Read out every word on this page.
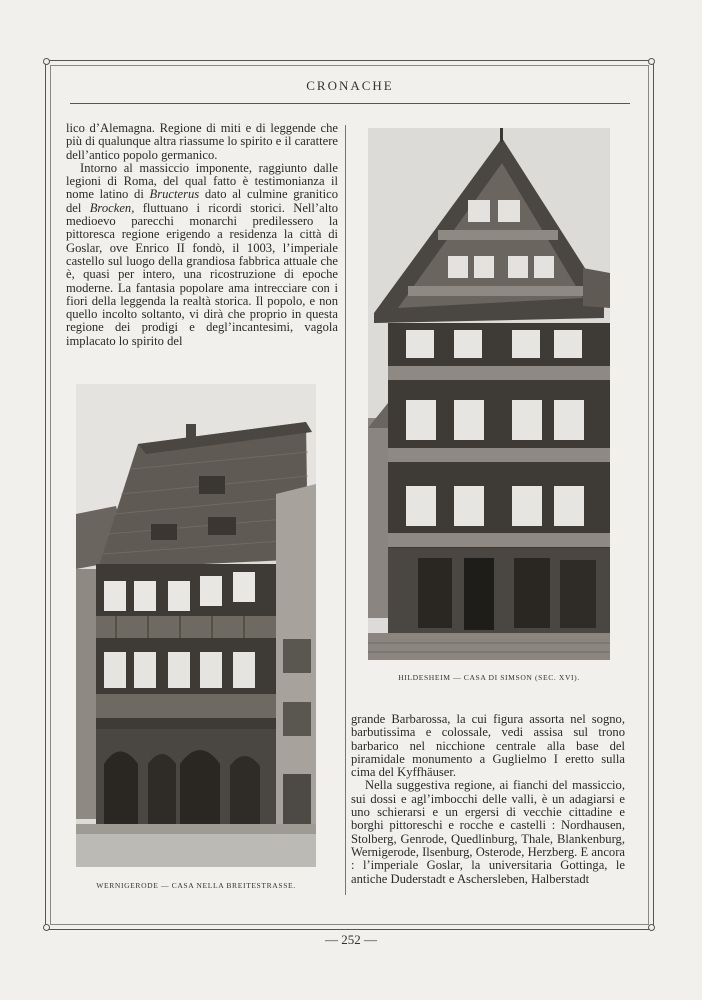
CRONACHE

lico d’Alemagna. Regione di miti e di leggende che più di qualunque altra riassume lo spirito e il carattere dell’antico popolo germanico.

Intorno al massiccio imponente, raggiunto dalle legioni di Roma, del qual fatto è testimonianza il nome latino di Bructerus dato al culmine granitico del Brocken, fluttuano i ricordi storici. Nell’alto medioevo parecchi monarchi predilessero la pittoresca regione erigendo a residenza la città di Goslar, ove Enrico II fondò, il 1003, l’imperiale castello sul luogo della grandiosa fabbrica attuale che è, quasi per intero, una ricostruzione di epoche moderne. La fantasia popolare ama intrecciare con i fiori della leggenda la realtà storica. Il popolo, e non quello incolto soltanto, vi dirà che proprio in questa regione dei prodigi e degl’incantesimi, vagola implacato lo spirito del

grande Barbarossa, la cui figura assorta nel sogno, barbutissima e colossale, vedi assisa sul trono barbarico nel nicchione centrale alla base del piramidale monumento a Guglielmo I eretto sulla cima del Kyffhäuser.

Nella suggestiva regione, ai fianchi del massiccio, sui dossi e agl’imbocchi delle valli, è un adagiarsi e uno schierarsi e un ergersi di vecchie cittadine e borghi pittoreschi e rocche e castelli : Nordhausen, Stolberg, Genrode, Quedlinburg, Thale, Blankenburg, Wernigerode, Ilsenburg, Osterode, Herzberg. E ancora : l’imperiale Goslar, la universitaria Gottinga, le antiche Duderstadt e Aschersleben, Halberstadt

WERNIGERODE — CASA NELLA BREITESTRASSE.
HILDESHEIM — CASA DI SIMSON (SEC. XVI).
— 252 —
